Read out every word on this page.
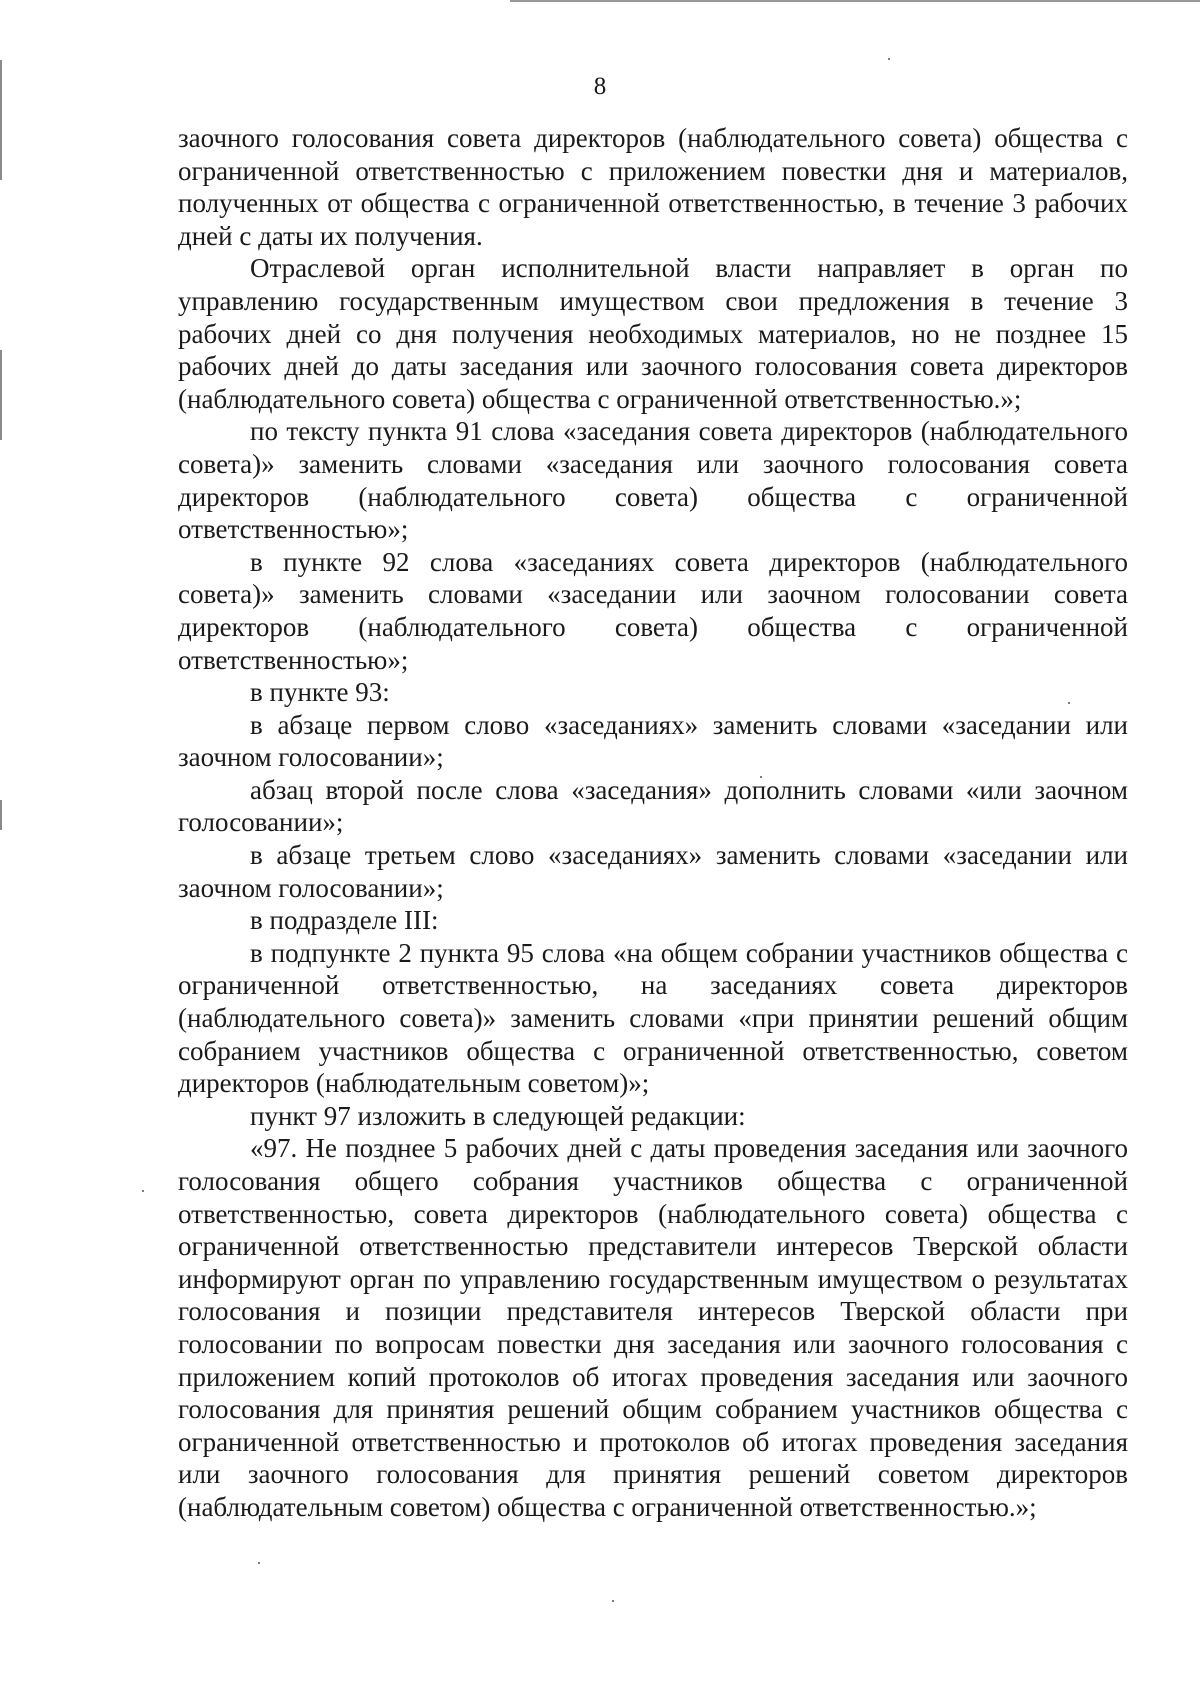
8

заочного голосования совета директоров (наблюдательного совета) общества с ограниченной ответственностью с приложением повестки дня и материалов, полученных от общества с ограниченной ответственностью, в течение 3 рабочих дней с даты их получения.

Отраслевой орган исполнительной власти направляет в орган по управлению государственным имуществом свои предложения в течение 3 рабочих дней со дня получения необходимых материалов, но не позднее 15 рабочих дней до даты заседания или заочного голосования совета директоров (наблюдательного совета) общества с ограниченной ответственностью.»;

по тексту пункта 91 слова «заседания совета директоров (наблюдательного совета)» заменить словами «заседания или заочного голосования совета директоров (наблюдательного совета) общества с ограниченной ответственностью»;

в пункте 92 слова «заседаниях совета директоров (наблюдательного совета)» заменить словами «заседании или заочном голосовании совета директоров (наблюдательного совета) общества с ограниченной ответственностью»;

в пункте 93:

в абзаце первом слово «заседаниях» заменить словами «заседании или заочном голосовании»;

абзац второй после слова «заседания» дополнить словами «или заочном голосовании»;

в абзаце третьем слово «заседаниях» заменить словами «заседании или заочном голосовании»;

в подразделе III:

в подпункте 2 пункта 95 слова «на общем собрании участников общества с ограниченной ответственностью, на заседаниях совета директоров (наблюдательного совета)» заменить словами «при принятии решений общим собранием участников общества с ограниченной ответственностью, советом директоров (наблюдательным советом)»;

пункт 97 изложить в следующей редакции:

«97. Не позднее 5 рабочих дней с даты проведения заседания или заочного голосования общего собрания участников общества с ограниченной ответственностью, совета директоров (наблюдательного совета) общества с ограниченной ответственностью представители интересов Тверской области информируют орган по управлению государственным имуществом о результатах голосования и позиции представителя интересов Тверской области при голосовании по вопросам повестки дня заседания или заочного голосования с приложением копий протоколов об итогах проведения заседания или заочного голосования для принятия решений общим собранием участников общества с ограниченной ответственностью и протоколов об итогах проведения заседания или заочного голосования для принятия решений советом директоров (наблюдательным советом) общества с ограниченной ответственностью.»;
